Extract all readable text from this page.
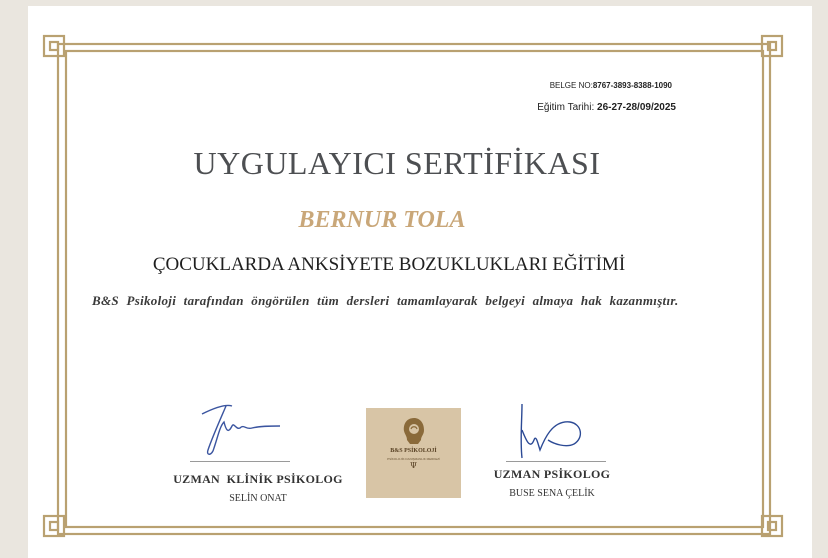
BELGE NO:8767-3893-8388-1090
Eğitim Tarihi: 26-27-28/09/2025
UYGULAYICI SERTİFİKASI
BERNUR TOLA
ÇOCUKLARDA ANKSİYETE BOZUKLUKLARI EĞİTİMİ
B&S Psikoloji tarafından öngörülen tüm dersleri tamamlayarak belgeyi almaya hak kazanmıştır.
UZMAN  KLİNİK PSİKOLOG
SELİN ONAT
UZMAN PSİKOLOG
BUSE SENA ÇELİK
B&S PSİKOLOJİ
PSİKOLOJİK DANIŞMANLIK MERKEZİ
Ψ
